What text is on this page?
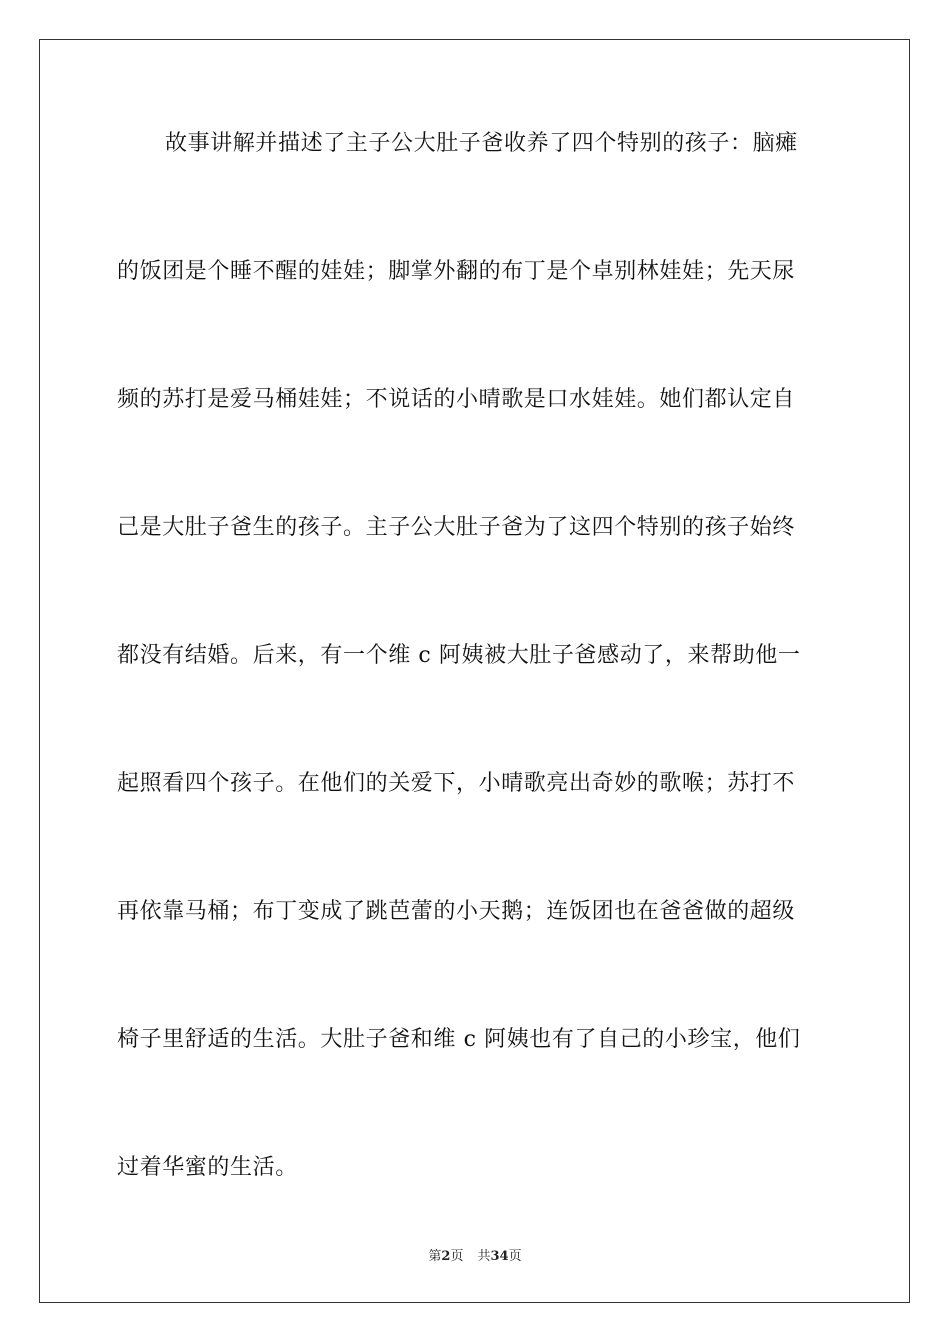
故事讲解并描述了主子公大肚子爸收养了四个特别的孩子：脑瘫
的饭团是个睡不醒的娃娃；脚掌外翻的布丁是个卓别林娃娃；先天尿
频的苏打是爱马桶娃娃；不说话的小晴歌是口水娃娃。她们都认定自
己是大肚子爸生的孩子。主子公大肚子爸为了这四个特别的孩子始终
都没有结婚。后来，有一个维 c 阿姨被大肚子爸感动了，来帮助他一
起照看四个孩子。在他们的关爱下，小晴歌亮出奇妙的歌喉；苏打不
再依靠马桶；布丁变成了跳芭蕾的小天鹅；连饭团也在爸爸做的超级
椅子里舒适的生活。大肚子爸和维 c 阿姨也有了自己的小珍宝，他们
过着华蜜的生活。
第2页 共34页
